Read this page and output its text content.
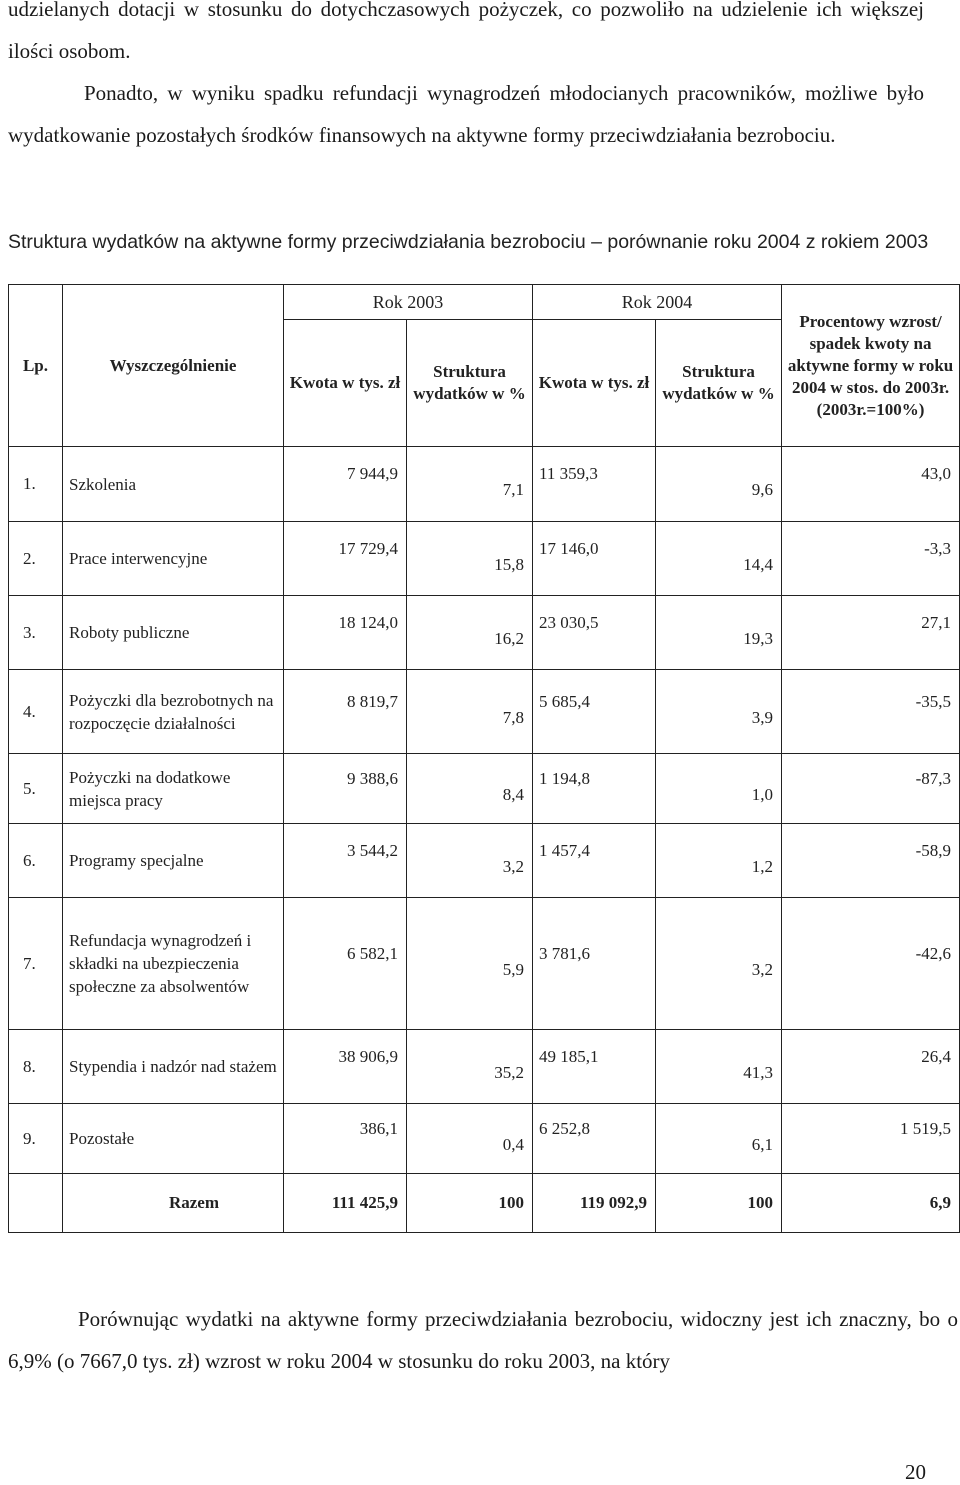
udzielanych dotacji w stosunku do dotychczasowych pożyczek, co pozwoliło na udzielenie ich większej ilości osobom.

Ponadto, w wyniku spadku refundacji wynagrodzeń młodocianych pracowników, możliwe było wydatkowanie pozostałych środków finansowych na aktywne formy przeciwdziałania bezrobociu.

Struktura wydatków na aktywne formy przeciwdziałania bezrobociu – porównanie roku 2004 z rokiem 2003
Lp.	Wyszczególnienie	Rok 2003		Rok 2004		Procentowy wzrost/ spadek kwoty na aktywne formy w roku 2004 w stos. do 2003r. (2003r.=100%)
		Kwota w tys. zł	Struktura wydatków w %	Kwota w tys. zł	Struktura wydatków w %	
1.	Szkolenia	7 944,9	7,1	11 359,3	9,6	43,0
2.	Prace interwencyjne	17 729,4	15,8	17 146,0	14,4	-3,3
3.	Roboty publiczne	18 124,0	16,2	23 030,5	19,3	27,1
4.	Pożyczki dla bezrobotnych na rozpoczęcie działalności	8 819,7	7,8	5 685,4	3,9	-35,5
5.	Pożyczki na dodatkowe miejsca pracy	9 388,6	8,4	1 194,8	1,0	-87,3
6.	Programy specjalne	3 544,2	3,2	1 457,4	1,2	-58,9
7.	Refundacja wynagrodzeń i składki na ubezpieczenia społeczne za absolwentów	6 582,1	5,9	3 781,6	3,2	-42,6
8.	Stypendia i nadzór nad stażem	38 906,9	35,2	49 185,1	41,3	26,4
9.	Pozostałe	386,1	0,4	6 252,8	6,1	1 519,5
	Razem	111 425,9	100	119 092,9	100	6,9

Porównując wydatki na aktywne formy przeciwdziałania bezrobociu, widoczny jest ich znaczny, bo o 6,9% (o 7667,0 tys. zł) wzrost w roku 2004 w stosunku do roku 2003, na który

20
